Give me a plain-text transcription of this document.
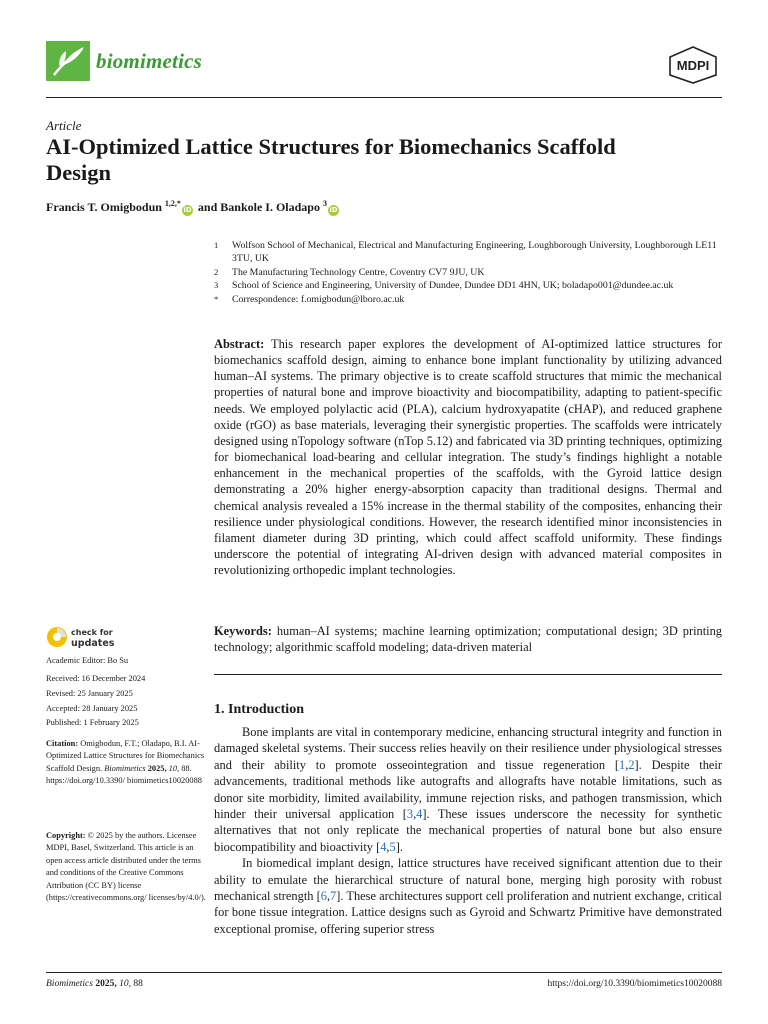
biomimetics	MDPI
Article
AI-Optimized Lattice Structures for Biomechanics Scaffold Design
Francis T. Omigbodun $^{1,2,*}$iD and Bankole I. Oladapo $^3$iD
1	Wolfson School of Mechanical, Electrical and Manufacturing Engineering, Loughborough University, Loughborough LE11 3TU, UK
2	The Manufacturing Technology Centre, Coventry CV7 9JU, UK
3	School of Science and Engineering, University of Dundee, Dundee DD1 4HN, UK; boladapo001@dundee.ac.uk
*	Correspondence: f.omigbodun@lboro.ac.uk
Abstract: This research paper explores the development of AI-optimized lattice structures for biomechanics scaffold design, aiming to enhance bone implant functionality by utilizing advanced human–AI systems. The primary objective is to create scaffold structures that mimic the mechanical properties of natural bone and improve bioactivity and biocompatibility, adapting to patient-specific needs. We employed polylactic acid (PLA), calcium hydroxyapatite (cHAP), and reduced graphene oxide (rGO) as base materials, leveraging their synergistic properties. The scaffolds were intricately designed using nTopology software (nTop 5.12) and fabricated via 3D printing techniques, optimizing for biomechanical load-bearing and cellular integration. The study’s findings highlight a notable enhancement in the mechanical properties of the scaffolds, with the Gyroid lattice design demonstrating a 20% higher energy-absorption capacity than traditional designs. Thermal and chemical analysis revealed a 15% increase in the thermal stability of the composites, enhancing their resilience under physiological conditions. However, the research identified minor inconsistencies in filament diameter during 3D printing, which could affect scaffold uniformity. These findings underscore the potential of integrating AI-driven design with advanced material composites in revolutionizing orthopedic implant technologies.
Keywords: human–AI systems; machine learning optimization; computational design; 3D printing technology; algorithmic scaffold modeling; data-driven material
1. Introduction

Bone implants are vital in contemporary medicine, enhancing structural integrity and function in damaged skeletal systems. Their success relies heavily on their resilience under physiological stresses and their ability to promote osseointegration and tissue regeneration [1,2]. Despite their advancements, traditional methods like autografts and allografts have notable limitations, such as donor site morbidity, limited availability, immune rejection risks, and pathogen transmission, which hinder their universal application [3,4]. These issues underscore the necessity for synthetic alternatives that not only replicate the mechanical properties of natural bone but also ensure biocompatibility and bioactivity [4,5].

In biomedical implant design, lattice structures have received significant attention due to their ability to emulate the hierarchical structure of natural bone, merging high porosity with robust mechanical strength [6,7]. These architectures support cell proliferation and nutrient exchange, critical for bone tissue integration. Lattice designs such as Gyroid and Schwartz Primitive have demonstrated exceptional promise, offering superior stress

check for
updates
Academic Editor: Bo Su
Received: 16 December 2024
Revised: 25 January 2025
Accepted: 28 January 2025
Published: 1 February 2025
Citation: Omigbodun, F.T.; Oladapo, B.I. AI-Optimized Lattice Structures for Biomechanics Scaffold Design. Biomimetics 2025, 10, 88. https://doi.org/10.3390/ biomimetics10020088
Copyright: © 2025 by the authors. Licensee MDPI, Basel, Switzerland. This article is an open access article distributed under the terms and conditions of the Creative Commons Attribution (CC BY) license (https://creativecommons.org/ licenses/by/4.0/).
Biomimetics 2025, 10, 88	https://doi.org/10.3390/biomimetics10020088
